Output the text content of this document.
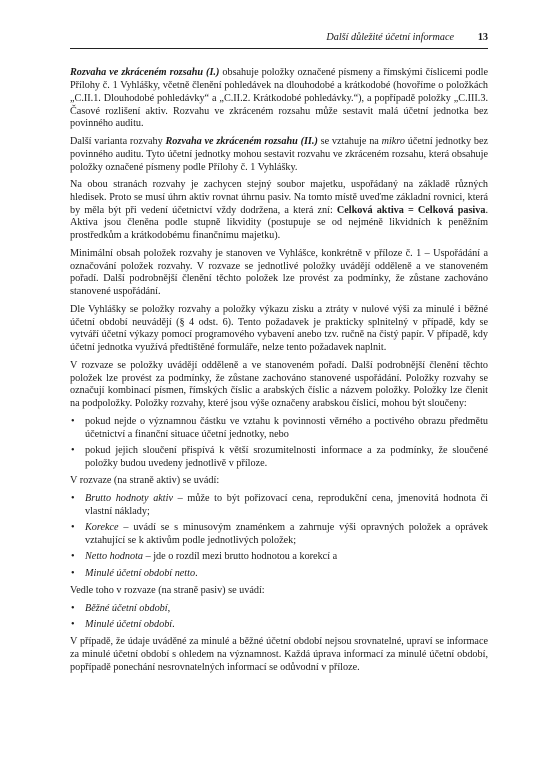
Další důležité účetní informace 13

Rozvaha ve zkráceném rozsahu (I.) obsahuje položky označené písmeny a římskými číslicemi podle Přílohy č. 1 Vyhlášky, včetně členění pohledávek na dlouhodobé a krátkodobé (hovoříme o položkách „C.II.1. Dlouhodobé pohledávky“ a „C.II.2. Krátkodobé pohledávky.“), a popřípadě položky „C.III.3. Časové rozlišení aktiv. Rozvahu ve zkráceném rozsahu může sestavit malá účetní jednotka bez povinného auditu.

Další varianta rozvahy Rozvaha ve zkráceném rozsahu (II.) se vztahuje na mikro účetní jednotky bez povinného auditu. Tyto účetní jednotky mohou sestavit rozvahu ve zkráceném rozsahu, která obsahuje položky označené písmeny podle Přílohy č. 1 Vyhlášky.

Na obou stranách rozvahy je zachycen stejný soubor majetku, uspořádaný na základě různých hledisek. Proto se musí úhrn aktiv rovnat úhrnu pasiv. Na tomto místě uveďme základní rovnici, která by měla být při vedení účetnictví vždy dodržena, a která zní: Celková aktiva = Celková pasiva. Aktiva jsou členěna podle stupně likvidity (postupuje se od nejméně likvidních k peněžním prostředkům a krátkodobému finančnímu majetku).

Minimální obsah položek rozvahy je stanoven ve Vyhlášce, konkrétně v příloze č. 1 – Uspořádání a označování položek rozvahy. V rozvaze se jednotlivé položky uvádějí odděleně a ve stanoveném pořadí. Další podrobnější členění těchto položek lze provést za podmínky, že zůstane zachováno stanovené uspořádání.

Dle Vyhlášky se položky rozvahy a položky výkazu zisku a ztráty v nulové výši za minulé i běžné účetní období neuvádějí (§ 4 odst. 6). Tento požadavek je prakticky splnitelný v případě, kdy se vytváří účetní výkazy pomocí programového vybavení anebo tzv. ručně na čistý papír. V případě, kdy účetní jednotka využívá předtištěné formuláře, nelze tento požadavek naplnit.

V rozvaze se položky uvádějí odděleně a ve stanoveném pořadí. Další podrobnější členění těchto položek lze provést za podmínky, že zůstane zachováno stanovené uspořádání. Položky rozvahy se označují kombinací písmen, římských číslic a arabských číslic a názvem položky. Položky lze členit na podpoložky. Položky rozvahy, které jsou výše označeny arabskou číslicí, mohou být sloučeny:

• pokud nejde o významnou částku ve vztahu k povinnosti věrného a poctivého obrazu předmětu účetnictví a finanční situace účetní jednotky, nebo
• pokud jejich sloučení přispívá k větší srozumitelnosti informace a za podmínky, že sloučené položky budou uvedeny jednotlivě v příloze.

V rozvaze (na straně aktiv) se uvádí:

• Brutto hodnoty aktiv – může to být pořizovací cena, reprodukční cena, jmenovitá hodnota či vlastní náklady;
• Korekce – uvádí se s minusovým znaménkem a zahrnuje výši opravných položek a oprávek vztahující se k aktivům podle jednotlivých položek;
• Netto hodnota – jde o rozdíl mezi brutto hodnotou a korekcí a
• Minulé účetní období netto.

Vedle toho v rozvaze (na straně pasiv) se uvádí:

• Běžné účetní období,
• Minulé účetní období.

V případě, že údaje uváděné za minulé a běžné účetní období nejsou srovnatelné, upraví se informace za minulé účetní období s ohledem na významnost. Každá úprava informací za minulé účetní období, popřípadě ponechání nesrovnatelných informací se odůvodní v příloze.
